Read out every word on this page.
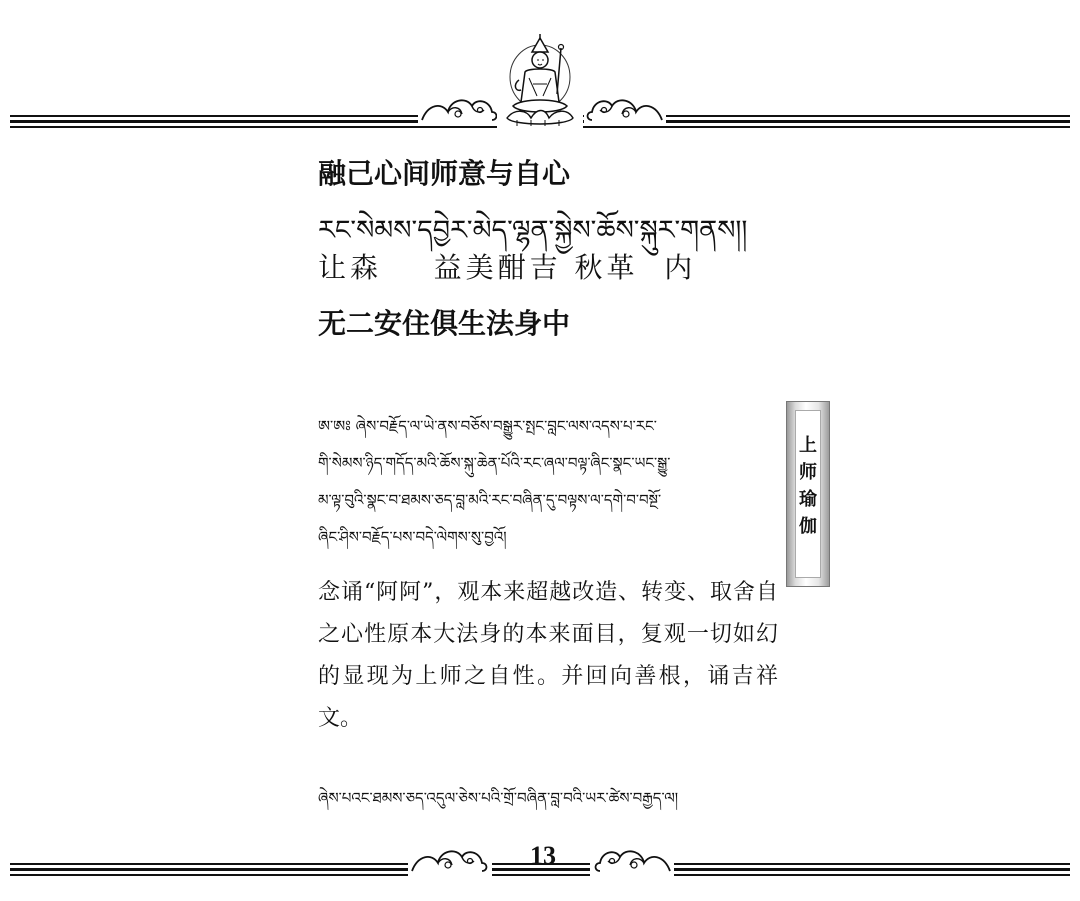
融己心间师意与自心
རང་སེམས་དབྱེར་མེད་ལྷན་སྐྱེས་ཆོས་སྐུར་གནས།།
让森    益美酣吉 秋革  内
无二安住俱生法身中
ཨ་ཨཿ ཞེས་བརྗོད་ལ་ཡེ་ནས་བཅོས་བསྒྱུར་སྤང་བླང་ལས་འདས་པ་རང་
གི་སེམས་ཉིད་གདོད་མའི་ཆོས་སྐུ་ཆེན་པོའི་རང་ཞལ་བལྟ་ཞིང་སྣང་ཡང་སྒྱུ་
མ་ལྟ་བུའི་སྣང་བ་ཐམས་ཅད་བླ་མའི་རང་བཞིན་དུ་བལྟས་ལ་དགེ་བ་བསྔོ་
ཞིང་ཤིས་བརྗོད་པས་བདེ་ལེགས་སུ་བྱའོ།
念诵“阿阿”，观本来超越改造、转变、取舍自之心性原本大法身的本来面目，复观一切如幻的显现为上师之自性。并回向善根，诵吉祥文。
上
师
瑜
伽
ཞེས་པའང་ཐམས་ཅད་འདུལ་ཅེས་པའི་གྲོ་བཞིན་བླ་བའི་ཡར་ཚེས་བརྒྱད་ལ།
13
